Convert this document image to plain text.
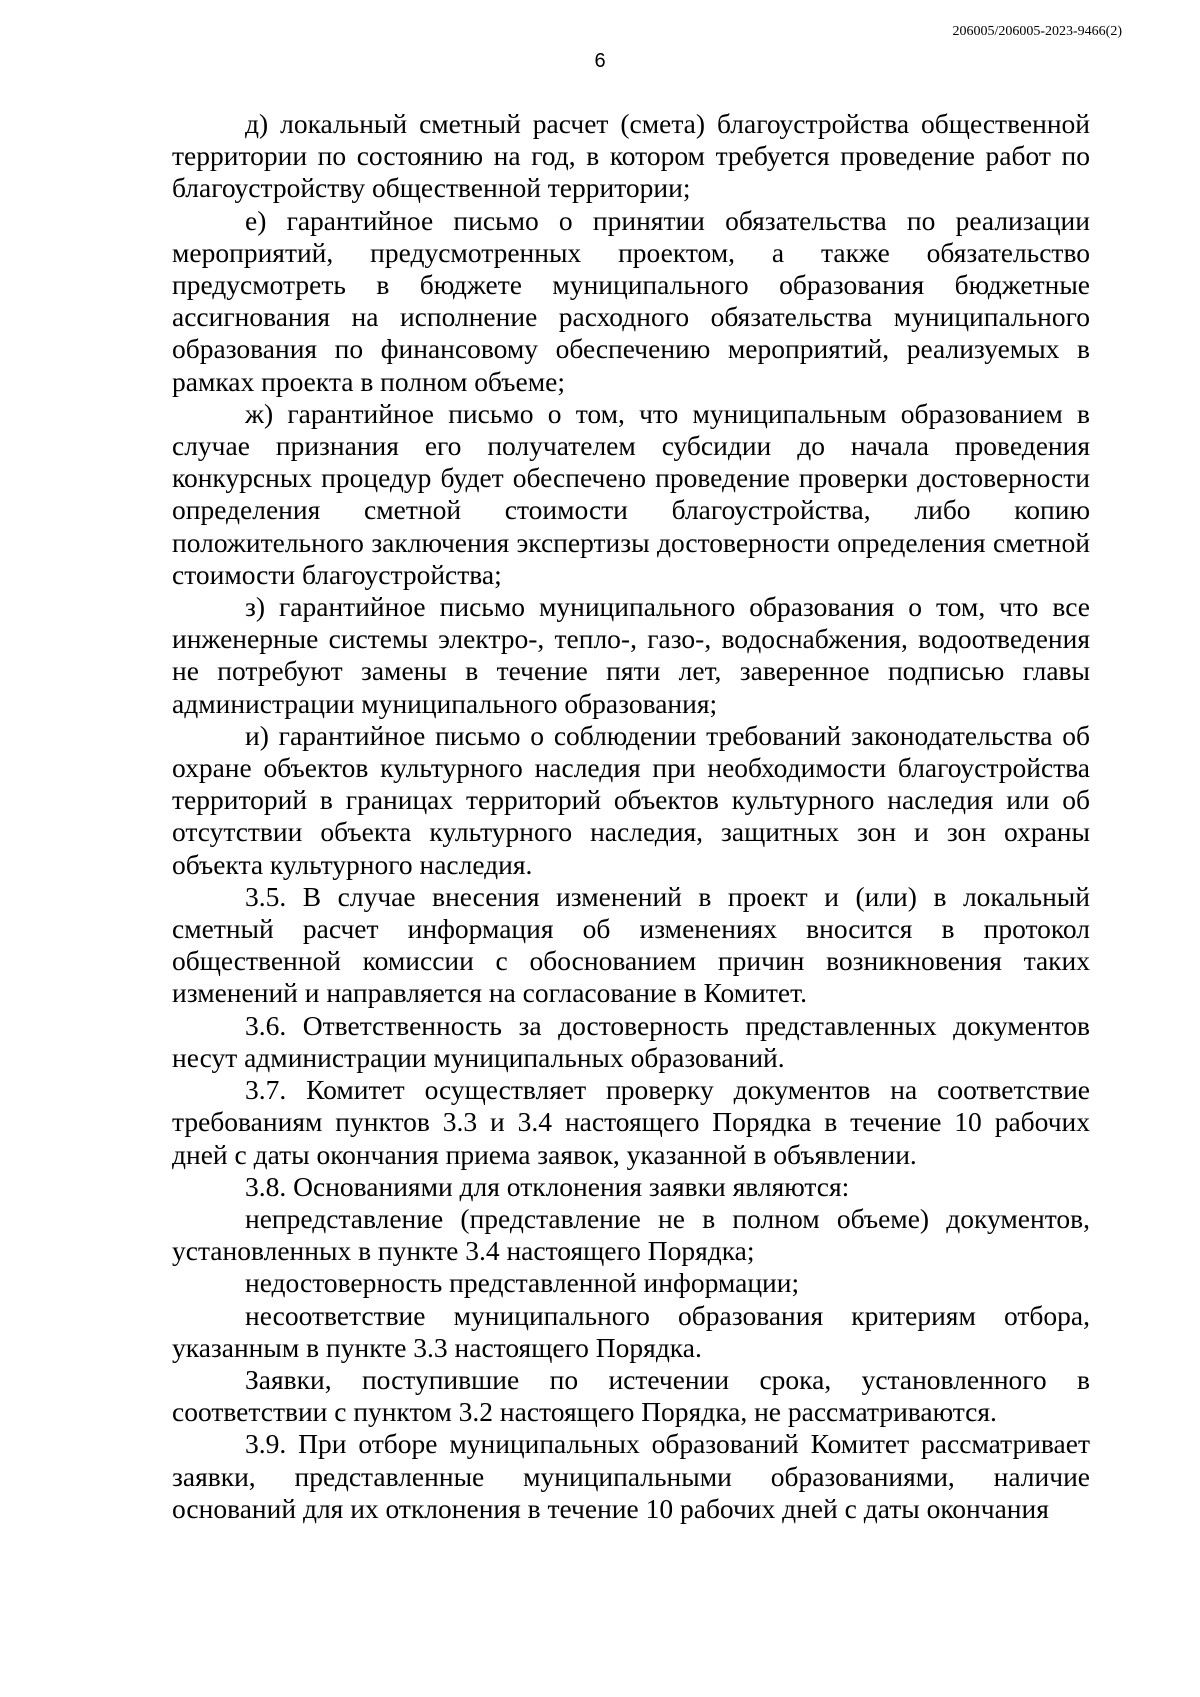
206005/206005-2023-9466(2)
6

д) локальный сметный расчет (смета) благоустройства общественной территории по состоянию на год, в котором требуется проведение работ по благоустройству общественной территории;

е) гарантийное письмо о принятии обязательства по реализации мероприятий, предусмотренных проектом, а также обязательство предусмотреть в бюджете муниципального образования бюджетные ассигнования на исполнение расходного обязательства муниципального образования по финансовому обеспечению мероприятий, реализуемых в рамках проекта в полном объеме;

ж) гарантийное письмо о том, что муниципальным образованием в случае признания его получателем субсидии до начала проведения конкурсных процедур будет обеспечено проведение проверки достоверности определения сметной стоимости благоустройства, либо копию положительного заключения экспертизы достоверности определения сметной стоимости благоустройства;

з) гарантийное письмо муниципального образования о том, что все инженерные системы электро-, тепло-, газо-, водоснабжения, водоотведения не потребуют замены в течение пяти лет, заверенное подписью главы администрации муниципального образования;

и) гарантийное письмо о соблюдении требований законодательства об охране объектов культурного наследия при необходимости благоустройства территорий в границах территорий объектов культурного наследия или об отсутствии объекта культурного наследия, защитных зон и зон охраны объекта культурного наследия.

3.5. В случае внесения изменений в проект и (или) в локальный сметный расчет информация об изменениях вносится в протокол общественной комиссии с обоснованием причин возникновения таких изменений и направляется на согласование в Комитет.

3.6. Ответственность за достоверность представленных документов несут администрации муниципальных образований.

3.7. Комитет осуществляет проверку документов на соответствие требованиям пунктов 3.3 и 3.4 настоящего Порядка в течение 10 рабочих дней с даты окончания приема заявок, указанной в объявлении.

3.8. Основаниями для отклонения заявки являются:

непредставление (представление не в полном объеме) документов, установленных в пункте 3.4 настоящего Порядка;

недостоверность представленной информации;

несоответствие муниципального образования критериям отбора, указанным в пункте 3.3 настоящего Порядка.

Заявки, поступившие по истечении срока, установленного в соответствии с пунктом 3.2 настоящего Порядка, не рассматриваются.

3.9. При отборе муниципальных образований Комитет рассматривает заявки, представленные муниципальными образованиями, наличие оснований для их отклонения в течение 10 рабочих дней с даты окончания
